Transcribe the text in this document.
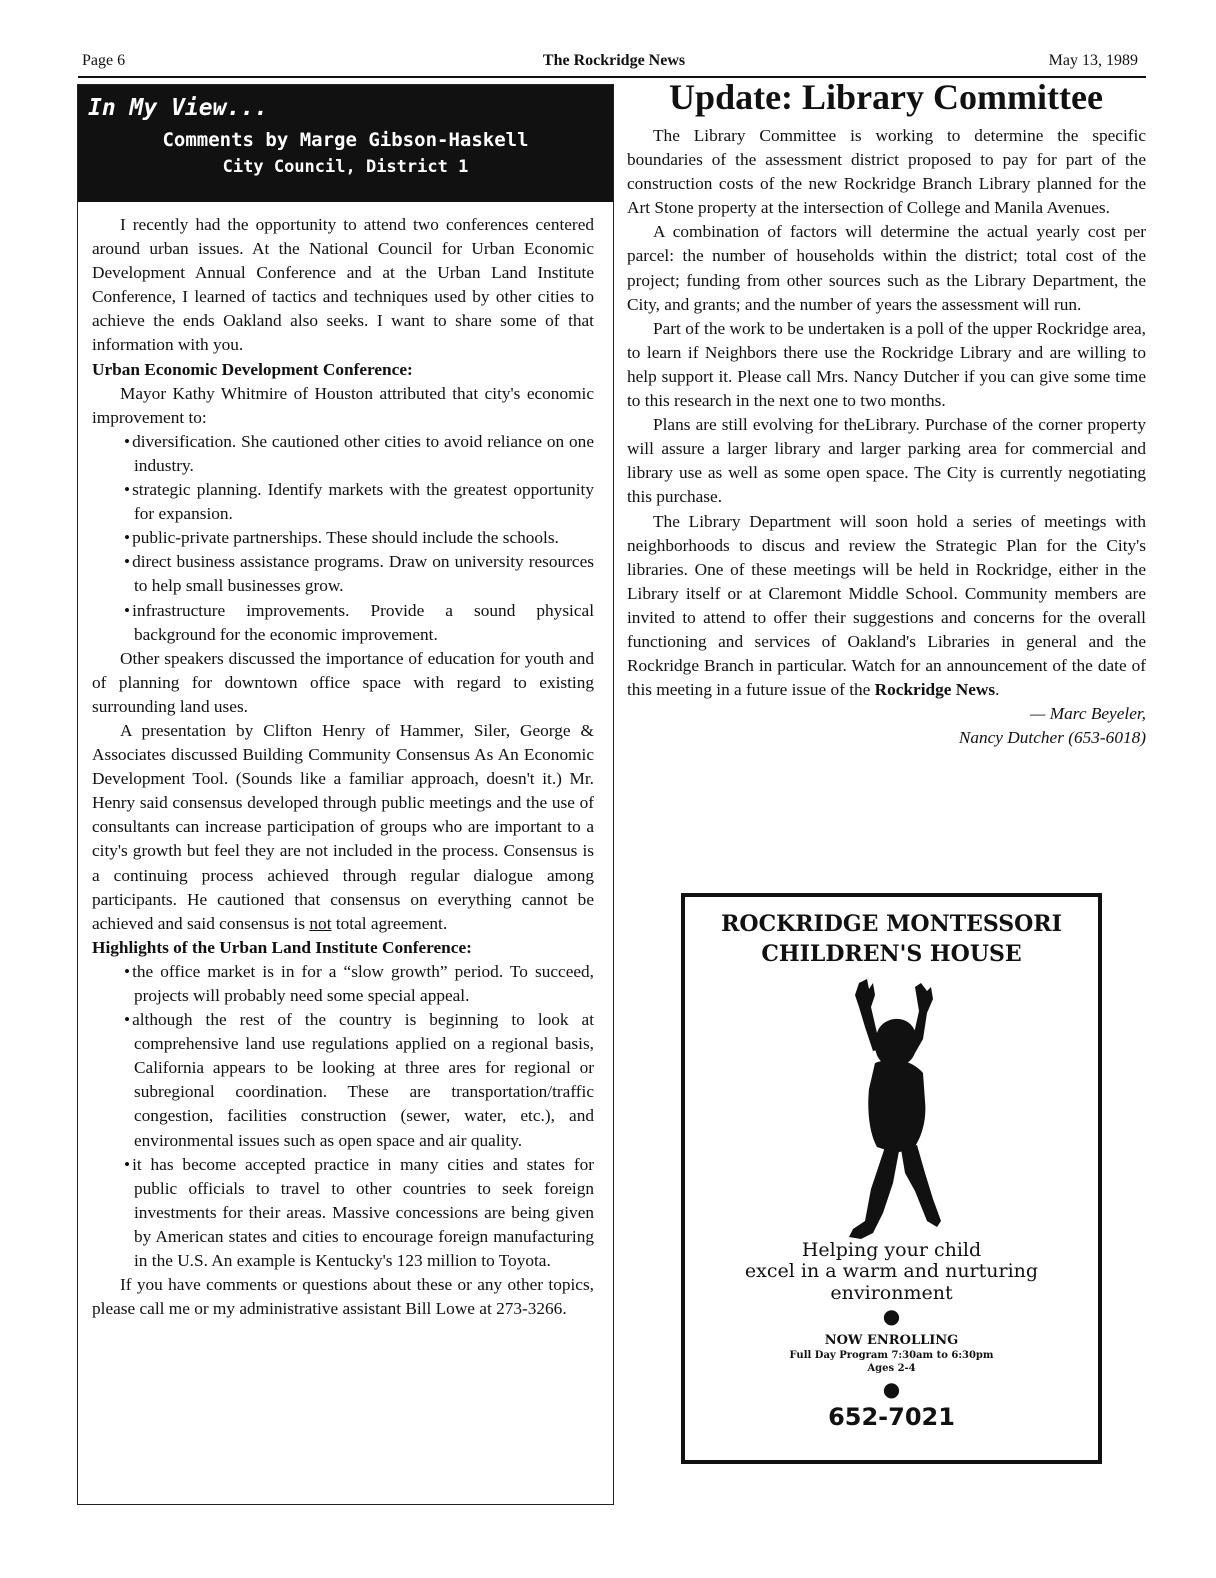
Page 6	The Rockridge News	May 13, 1989
In My View...
Comments by Marge Gibson-Haskell
City Council, District 1

I recently had the opportunity to attend two conferences centered around urban issues. At the National Council for Urban Economic Development Annual Conference and at the Urban Land Institute Conference, I learned of tactics and techniques used by other cities to achieve the ends Oakland also seeks. I want to share some of that information with you.

Urban Economic Development Conference:

Mayor Kathy Whitmire of Houston attributed that city's economic improvement to:

• diversification. She cautioned other cities to avoid reliance on one industry.
• strategic planning. Identify markets with the greatest opportunity for expansion.
• public-private partnerships. These should include the schools.
• direct business assistance programs. Draw on university resources to help small businesses grow.
• infrastructure improvements. Provide a sound physical background for the economic improvement.

Other speakers discussed the importance of education for youth and of planning for downtown office space with regard to existing surrounding land uses.

A presentation by Clifton Henry of Hammer, Siler, George & Associates discussed Building Community Consensus As An Economic Development Tool. (Sounds like a familiar approach, doesn't it.) Mr. Henry said consensus developed through public meetings and the use of consultants can increase participation of groups who are important to a city's growth but feel they are not included in the process. Consensus is a continuing process achieved through regular dialogue among participants. He cautioned that consensus on everything cannot be achieved and said consensus is not total agreement.

Highlights of the Urban Land Institute Conference:

• the office market is in for a “slow growth” period. To succeed, projects will probably need some special appeal.
• although the rest of the country is beginning to look at comprehensive land use regulations applied on a regional basis, California appears to be looking at three ares for regional or subregional coordination. These are transportation/traffic congestion, facilities construction (sewer, water, etc.), and environmental issues such as open space and air quality.
• it has become accepted practice in many cities and states for public officials to travel to other countries to seek foreign investments for their areas. Massive concessions are being given by American states and cities to encourage foreign manufacturing in the U.S. An example is Kentucky's 123 million to Toyota.

If you have comments or questions about these or any other topics, please call me or my administrative assistant Bill Lowe at 273-3266.

Update: Library Committee

The Library Committee is working to determine the specific boundaries of the assessment district proposed to pay for part of the construction costs of the new Rockridge Branch Library planned for the Art Stone property at the intersection of College and Manila Avenues.

A combination of factors will determine the actual yearly cost per parcel: the number of households within the district; total cost of the project; funding from other sources such as the Library Department, the City, and grants; and the number of years the assessment will run.

Part of the work to be undertaken is a poll of the upper Rockridge area, to learn if Neighbors there use the Rockridge Library and are willing to help support it. Please call Mrs. Nancy Dutcher if you can give some time to this research in the next one to two months.

Plans are still evolving for theLibrary. Purchase of the corner property will assure a larger library and larger parking area for commercial and library use as well as some open space. The City is currently negotiating this purchase.

The Library Department will soon hold a series of meetings with neighborhoods to discus and review the Strategic Plan for the City's libraries. One of these meetings will be held in Rockridge, either in the Library itself or at Claremont Middle School. Community members are invited to attend to offer their suggestions and concerns for the overall functioning and services of Oakland's Libraries in general and the Rockridge Branch in particular. Watch for an announcement of the date of this meeting in a future issue of the Rockridge News.

— Marc Beyeler,

Nancy Dutcher (653-6018)

ROCKRIDGE MONTESSORI
CHILDREN'S HOUSE
Helping your child
excel in a warm and nurturing
environment
●
NOW ENROLLING
Full Day Program 7:30am to 6:30pm
Ages 2-4
●
652-7021
